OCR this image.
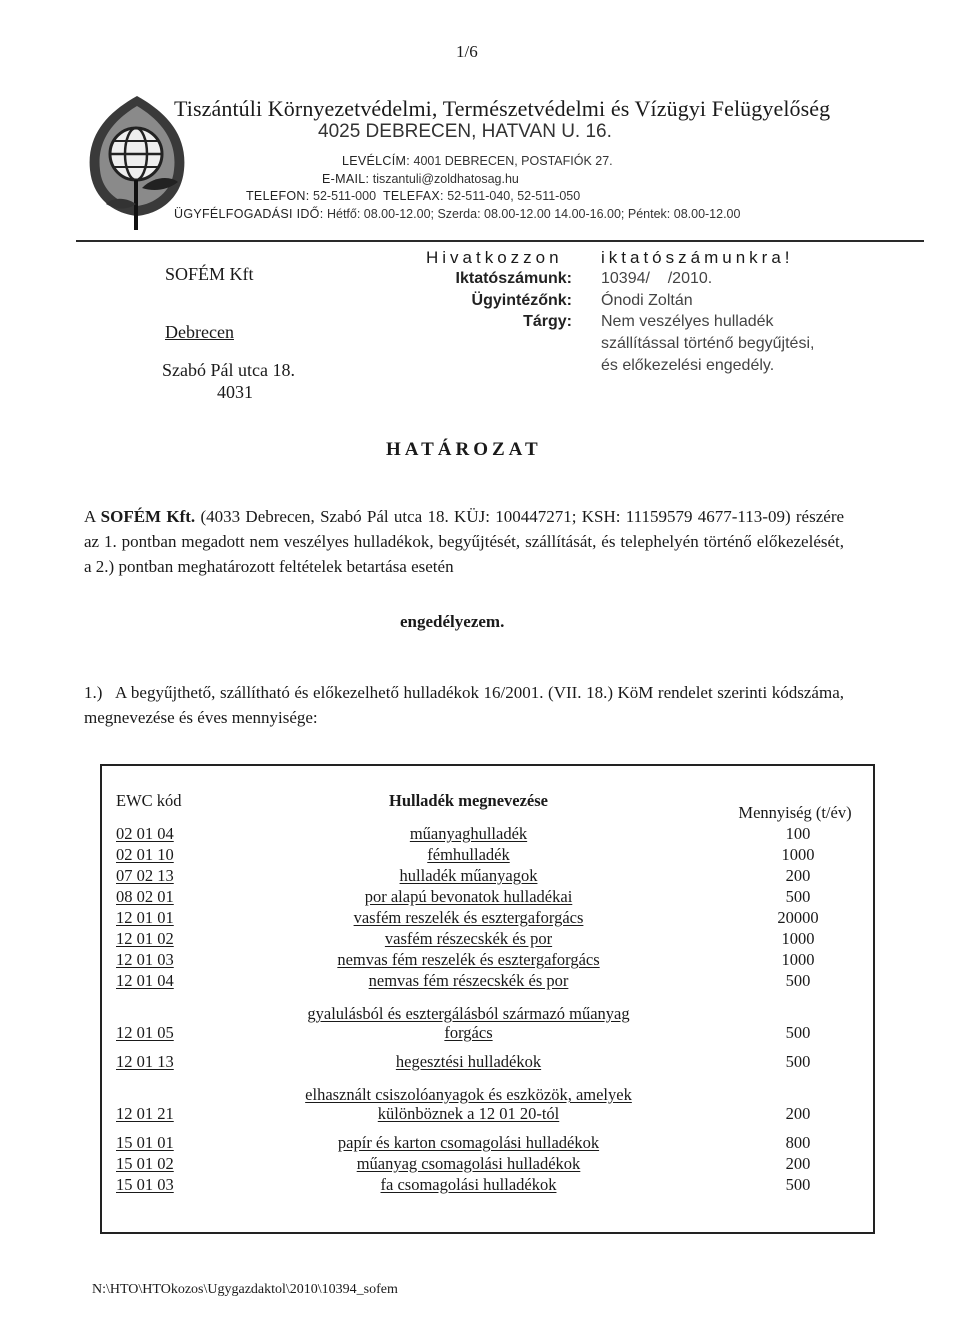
1/6
Tiszántúli Környezetvédelmi, Természetvédelmi és Vízügyi Felügyelőség
4025 DEBRECEN, HATVAN U. 16.
LEVÉLCÍM: 4001 DEBRECEN, POSTAFIÓK 27.
E-MAIL: tiszantuli@zoldhatosag.hu
TELEFON: 52-511-000 TELEFAX: 52-511-040, 52-511-050
ÜGYFÉLFOGADÁSI IDŐ: Hétfő: 08.00-12.00; Szerda: 08.00-12.00 14.00-16.00; Péntek: 08.00-12.00
SOFÉM Kft
Debrecen
Szabó Pál utca 18.
4031
Hivatkozzon iktatószámunkra!
Iktatószámunk: 10394/    /2010.
Ügyintézőnk: Ónodi Zoltán
Tárgy: Nem veszélyes hulladék
szállítással történő begyűjtési,
és előkezelési engedély.
HATÁROZAT
A SOFÉM Kft. (4033 Debrecen, Szabó Pál utca 18. KÜJ: 100447271; KSH: 11159579 4677-113-09) részére az 1. pontban megadott nem veszélyes hulladékok, begyűjtését, szállítását, és telephelyén történő előkezelését, a 2.) pontban meghatározott feltételek betartása esetén
engedélyezem.
1.)   A begyűjthető, szállítható és előkezelhető hulladékok 16/2001. (VII. 18.) KöM rendelet szerinti kódszáma, megnevezése és éves mennyisége:
EWC kód	Hulladék megnevezése	Mennyiség (t/év)
02 01 04	műanyaghulladék	100
02 01 10	fémhulladék	1000
07 02 13	hulladék műanyagok	200
08 02 01	por alapú bevonatok hulladékai	500
12 01 01	vasfém reszelék és esztergaforgács	20000
12 01 02	vasfém részecskék és por	1000
12 01 03	nemvas fém reszelék és esztergaforgács	1000
12 01 04	nemvas fém részecskék és por	500
12 01 05	gyalulásból és esztergálásból származó műanyag forgács	500
12 01 13	hegesztési hulladékok	500
12 01 21	elhasznált csiszolóanyagok és eszközök, amelyek különböznek a 12 01 20-tól	200
15 01 01	papír és karton csomagolási hulladékok	800
15 01 02	műanyag csomagolási hulladékok	200
15 01 03	fa csomagolási hulladékok	500
N:\HTO\HTOkozos\Ugygazdaktol\2010\10394_sofem
